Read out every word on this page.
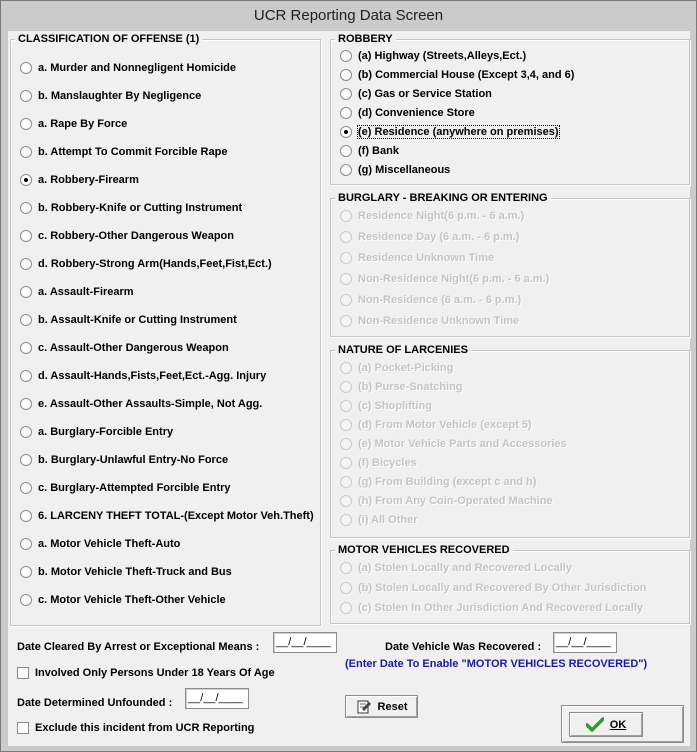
UCR Reporting Data Screen
CLASSIFICATION OF OFFENSE (1)
a. Murder and Nonnegligent Homicide
b. Manslaughter By Negligence
a. Rape By Force
b. Attempt To Commit Forcible Rape
a. Robbery-Firearm
b. Robbery-Knife or Cutting Instrument
c. Robbery-Other Dangerous Weapon
d. Robbery-Strong Arm(Hands,Feet,Fist,Ect.)
a. Assault-Firearm
b. Assault-Knife or Cutting Instrument
c. Assault-Other Dangerous Weapon
d. Assault-Hands,Fists,Feet,Ect.-Agg. Injury
e. Assault-Other Assaults-Simple, Not Agg.
a. Burglary-Forcible Entry
b. Burglary-Unlawful Entry-No Force
c. Burglary-Attempted Forcible Entry
6. LARCENY THEFT TOTAL-(Except Motor Veh.Theft)
a. Motor Vehicle Theft-Auto
b. Motor Vehicle Theft-Truck and Bus
c. Motor Vehicle Theft-Other Vehicle
ROBBERY
(a) Highway (Streets,Alleys,Ect.)
(b) Commercial House (Except 3,4, and 6)
(c) Gas or Service Station
(d) Convenience Store
(e) Residence (anywhere on premises)
(f) Bank
(g) Miscellaneous
BURGLARY - BREAKING OR ENTERING
Residence Night(6 p.m. - 6 a.m.)
Residence Day (6 a.m. - 6 p.m.)
Residence Unknown Time
Non-Residence Night(6 p.m. - 6 a.m.)
Non-Residence (6 a.m. - 6 p.m.)
Non-Residence Unknown Time
NATURE OF LARCENIES
(a) Pocket-Picking
(b) Purse-Snatching
(c) Shoplifting
(d) From Motor Vehicle (except 5)
(e) Motor Vehicle Parts and Accessories
(f) Bicycles
(g) From Building (except c and h)
(h) From Any Coin-Operated Machine
(i) All Other
MOTOR VEHICLES RECOVERED
(a) Stolen Locally and Recovered Locally
(b) Stolen Locally and Recovered By Other Jurisdiction
(c) Stolen In Other Jurisdiction And Recovered Locally
Date Cleared By Arrest or Exceptional Means : __/__/____	Date Vehicle Was Recovered : __/__/____
(Enter Date To Enable "MOTOR VEHICLES RECOVERED")
Involved Only Persons Under 18 Years Of Age
Date Determined Unfounded : __/__/____
Exclude this incident from UCR Reporting
Reset
OK
